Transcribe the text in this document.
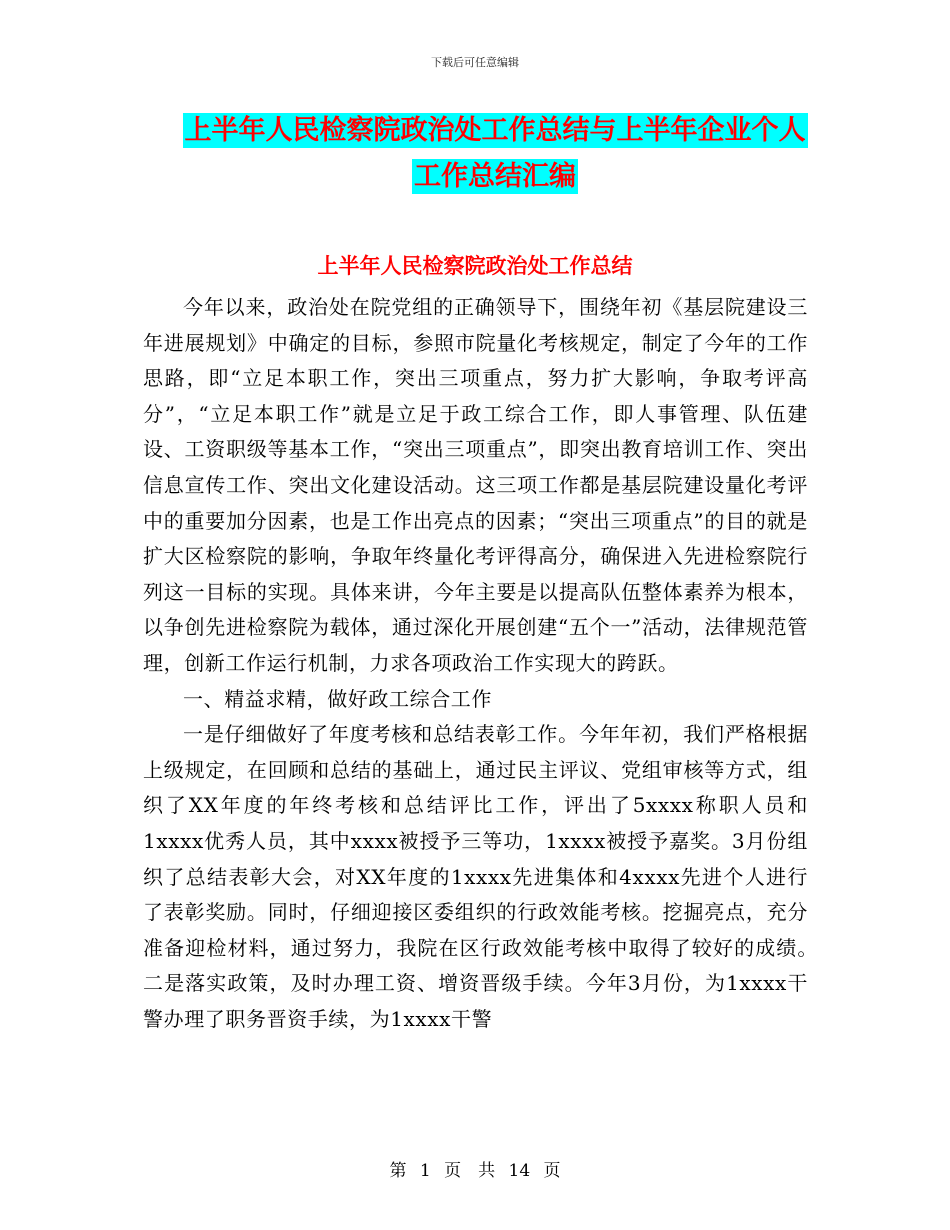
下载后可任意编辑
上半年人民检察院政治处工作总结与上半年企业个人
工作总结汇编
上半年人民检察院政治处工作总结

今年以来，政治处在院党组的正确领导下，围绕年初《基层院建设三年进展规划》中确定的目标，参照市院量化考核规定，制定了今年的工作思路，即“立足本职工作，突出三项重点，努力扩大影响，争取考评高分”，“立足本职工作”就是立足于政工综合工作，即人事管理、队伍建设、工资职级等基本工作，“突出三项重点”，即突出教育培训工作、突出信息宣传工作、突出文化建设活动。这三项工作都是基层院建设量化考评中的重要加分因素，也是工作出亮点的因素；“突出三项重点”的目的就是扩大区检察院的影响，争取年终量化考评得高分，确保进入先进检察院行列这一目标的实现。具体来讲，今年主要是以提高队伍整体素养为根本，以争创先进检察院为载体，通过深化开展创建“五个一”活动，法律规范管理，创新工作运行机制，力求各项政治工作实现大的跨跃。

一、精益求精，做好政工综合工作

一是仔细做好了年度考核和总结表彰工作。今年年初，我们严格根据上级规定，在回顾和总结的基础上，通过民主评议、党组审核等方式，组织了XX年度的年终考核和总结评比工作，评出了5xxxx称职人员和1xxxx优秀人员，其中xxxx被授予三等功，1xxxx被授予嘉奖。3月份组织了总结表彰大会，对XX年度的1xxxx先进集体和4xxxx先进个人进行了表彰奖励。同时，仔细迎接区委组织的行政效能考核。挖掘亮点，充分准备迎检材料，通过努力，我院在区行政效能考核中取得了较好的成绩。　　　二是落实政策，及时办理工资、增资晋级手续。今年3月份，为1xxxx干警办理了职务晋资手续，为1xxxx干警

第 1 页　共 14 页
